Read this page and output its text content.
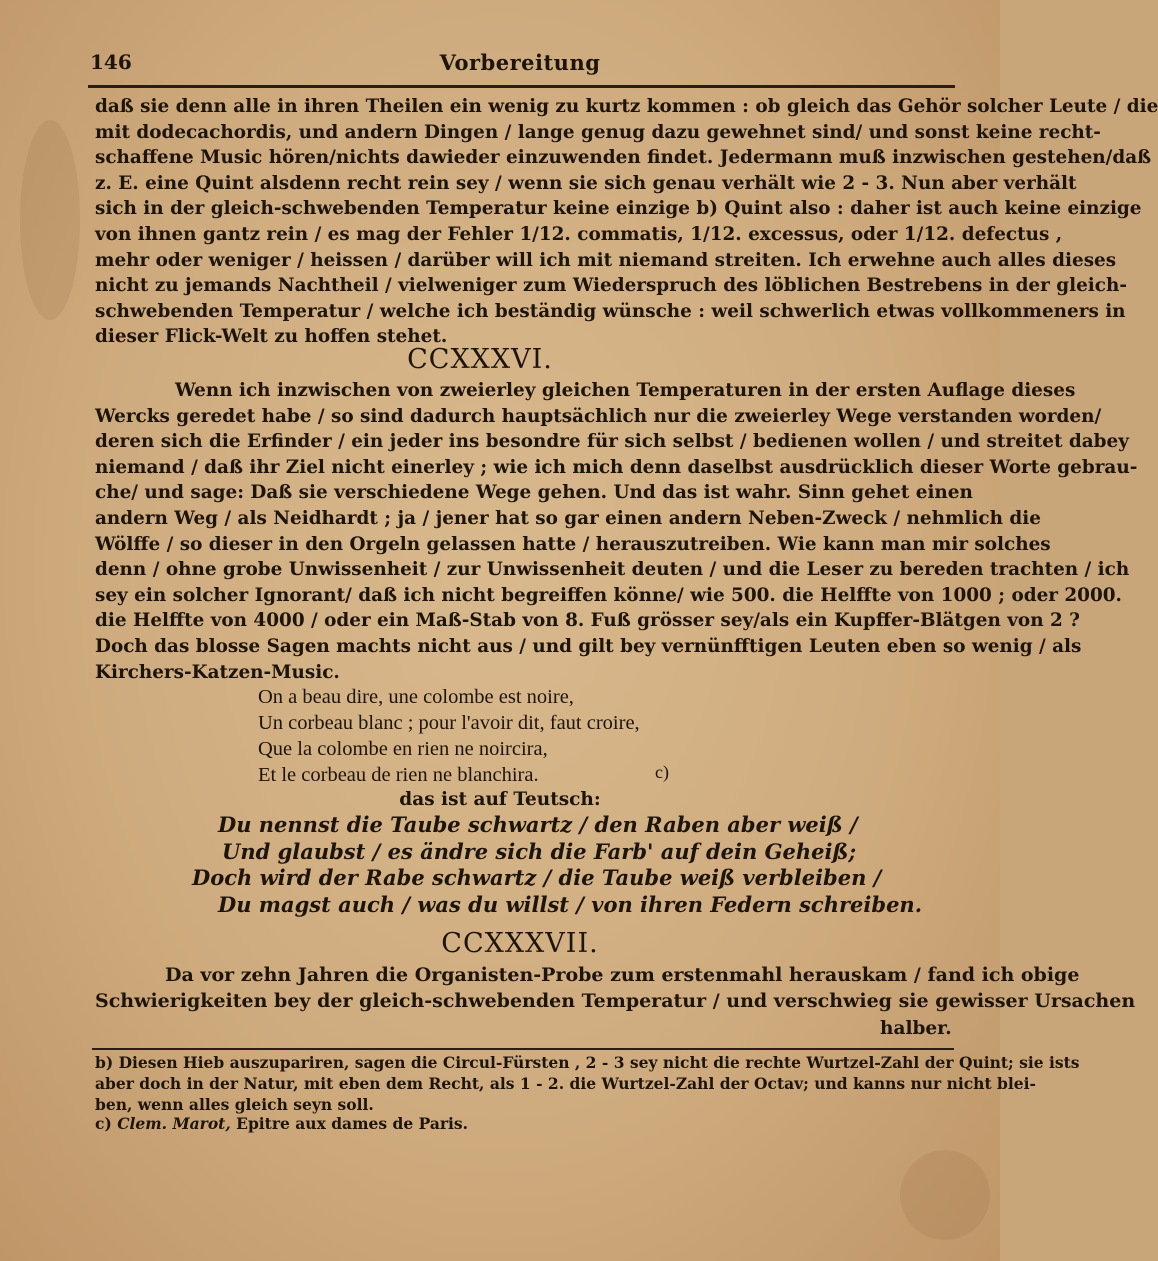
146	Vorbereitung
daß sie denn alle in ihren Theilen ein wenig zu kurtz kommen : ob gleich das Gehör solcher Leute / die
mit dodecachordis, und andern Dingen / lange genug dazu gewehnet sind/ und sonst keine recht-
schaffene Music hören/nichts dawieder einzuwenden findet. Jedermann muß inzwischen gestehen/daß
z. E. eine Quint alsdenn recht rein sey / wenn sie sich genau verhält wie 2 - 3. Nun aber verhält
sich in der gleich-schwebenden Temperatur keine einzige b) Quint also : daher ist auch keine einzige
von ihnen gantz rein / es mag der Fehler 1/12. commatis, 1/12. excessus, oder 1/12. defectus ,
mehr oder weniger / heissen / darüber will ich mit niemand streiten. Ich erwehne auch alles dieses
nicht zu jemands Nachtheil / vielweniger zum Wiederspruch des löblichen Bestrebens in der gleich-
schwebenden Temperatur / welche ich beständig wünsche : weil schwerlich etwas vollkommeners in
dieser Flick-Welt zu hoffen stehet.
CCXXXVI.
Wenn ich inzwischen von zweierley gleichen Temperaturen in der ersten Auflage dieses
Wercks geredet habe / so sind dadurch hauptsächlich nur die zweierley Wege verstanden worden/
deren sich die Erfinder / ein jeder ins besondre für sich selbst / bedienen wollen / und streitet dabey
niemand / daß ihr Ziel nicht einerley ; wie ich mich denn daselbst ausdrücklich dieser Worte gebrau-
che/ und sage: Daß sie verschiedene Wege gehen. Und das ist wahr. Sinn gehet einen
andern Weg / als Neidhardt ; ja / jener hat so gar einen andern Neben-Zweck / nehmlich die
Wölffe / so dieser in den Orgeln gelassen hatte / herauszutreiben. Wie kann man mir solches
denn / ohne grobe Unwissenheit / zur Unwissenheit deuten / und die Leser zu bereden trachten / ich
sey ein solcher Ignorant/ daß ich nicht begreiffen könne/ wie 500. die Helffte von 1000 ; oder 2000.
die Helffte von 4000 / oder ein Maß-Stab von 8. Fuß grösser sey/als ein Kupffer-Blätgen von 2 ?
Doch das blosse Sagen machts nicht aus / und gilt bey vernünfftigen Leuten eben so wenig / als
Kirchers-Katzen-Music.
On a beau dire, une colombe est noire,
Un corbeau blanc ; pour l'avoir dit, faut croire,
Que la colombe en rien ne noircira,
Et le corbeau de rien ne blanchira.	c)
das ist auf Teutsch:
Du nennst die Taube schwartz / den Raben aber weiß /
Und glaubst / es ändre sich die Farb' auf dein Geheiß;
Doch wird der Rabe schwartz / die Taube weiß verbleiben /
Du magst auch / was du willst / von ihren Federn schreiben.
CCXXXVII.
Da vor zehn Jahren die Organisten-Probe zum erstenmahl herauskam / fand ich obige
Schwierigkeiten bey der gleich-schwebenden Temperatur / und verschwieg sie gewisser Ursachen
halber.
b) Diesen Hieb auszupariren, sagen die Circul-Fürsten , 2 - 3 sey nicht die rechte Wurtzel-Zahl der Quint; sie ists
aber doch in der Natur, mit eben dem Recht, als 1 - 2. die Wurtzel-Zahl der Octav; und kanns nur nicht blei-
ben, wenn alles gleich seyn soll.
c) Clem. Marot, Epitre aux dames de Paris.
